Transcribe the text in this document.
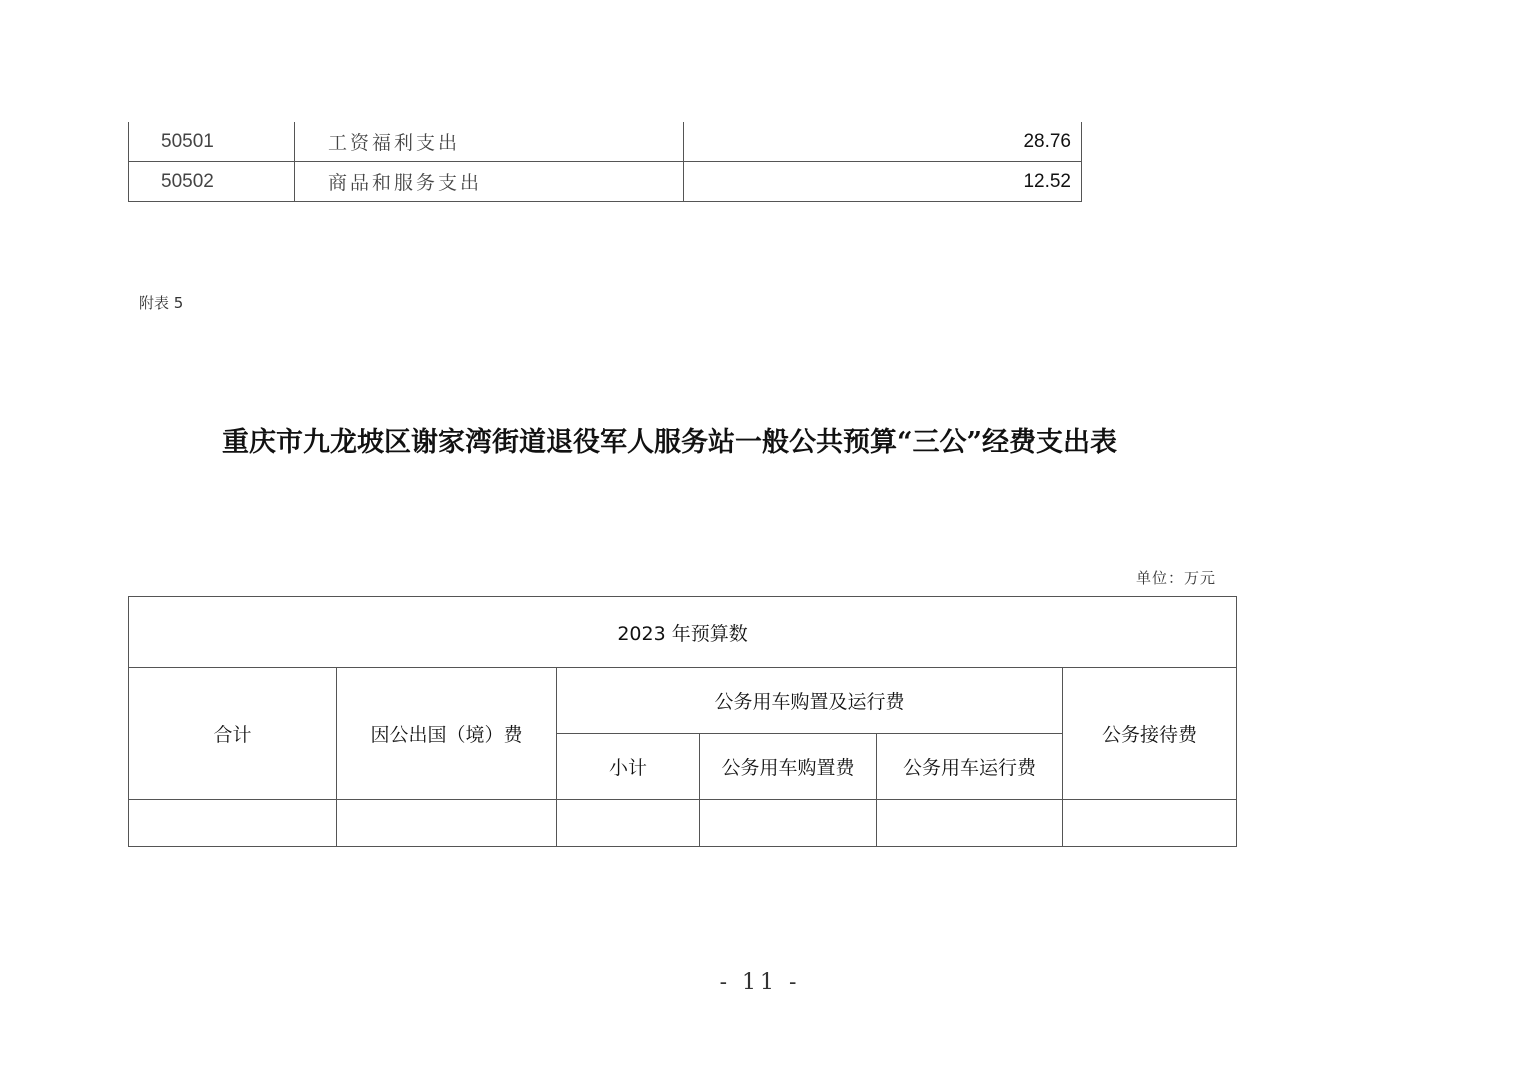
50501	工资福利支出	28.76
50502	商品和服务支出	12.52
附表 5
重庆市九龙坡区谢家湾街道退役军人服务站一般公共预算“三公”经费支出表
单位：万元
2023 年预算数					
合计	因公出国（境）费	公务用车购置及运行费			公务接待费
		小计	公务用车购置费	公务用车运行费	

- 11 -
